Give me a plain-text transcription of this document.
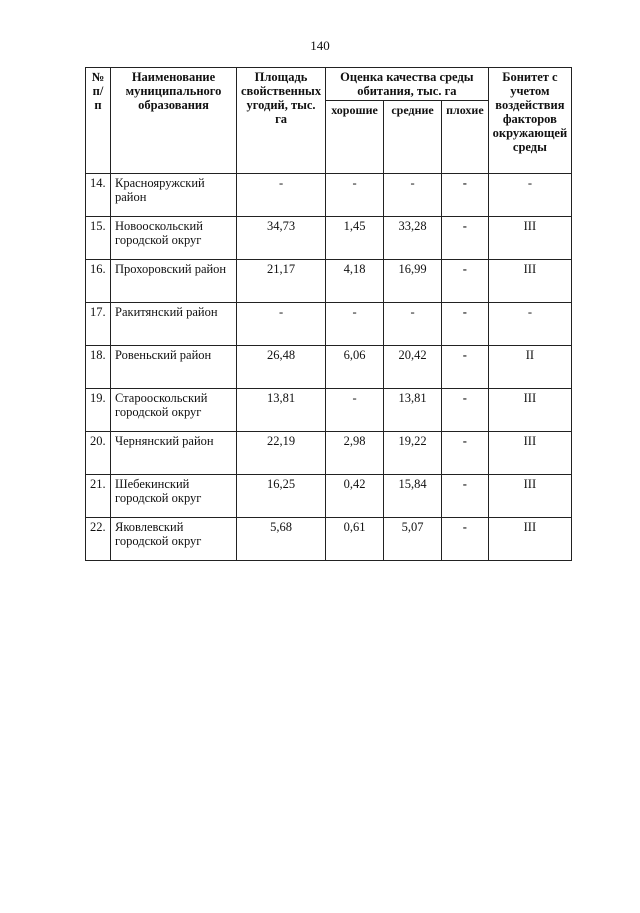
140
№
п/п	Наименование муниципального образования	Площадь свойственных угодий, тыс. га	Оценка качества среды обитания, тыс. га			Бонитет с учетом воздействия факторов окружающей среды
			хорошие	средние	плохие	
14.	Краснояружский район	-	-	-	-	-
15.	Новооскольский городской округ	34,73	1,45	33,28	-	III
16.	Прохоровский район	21,17	4,18	16,99	-	III
17.	Ракитянский район	-	-	-	-	-
18.	Ровеньский район	26,48	6,06	20,42	-	II
19.	Старооскольский городской округ	13,81	-	13,81	-	III
20.	Чернянский район	22,19	2,98	19,22	-	III
21.	Шебекинский городской округ	16,25	0,42	15,84	-	III
22.	Яковлевский городской округ	5,68	0,61	5,07	-	III
